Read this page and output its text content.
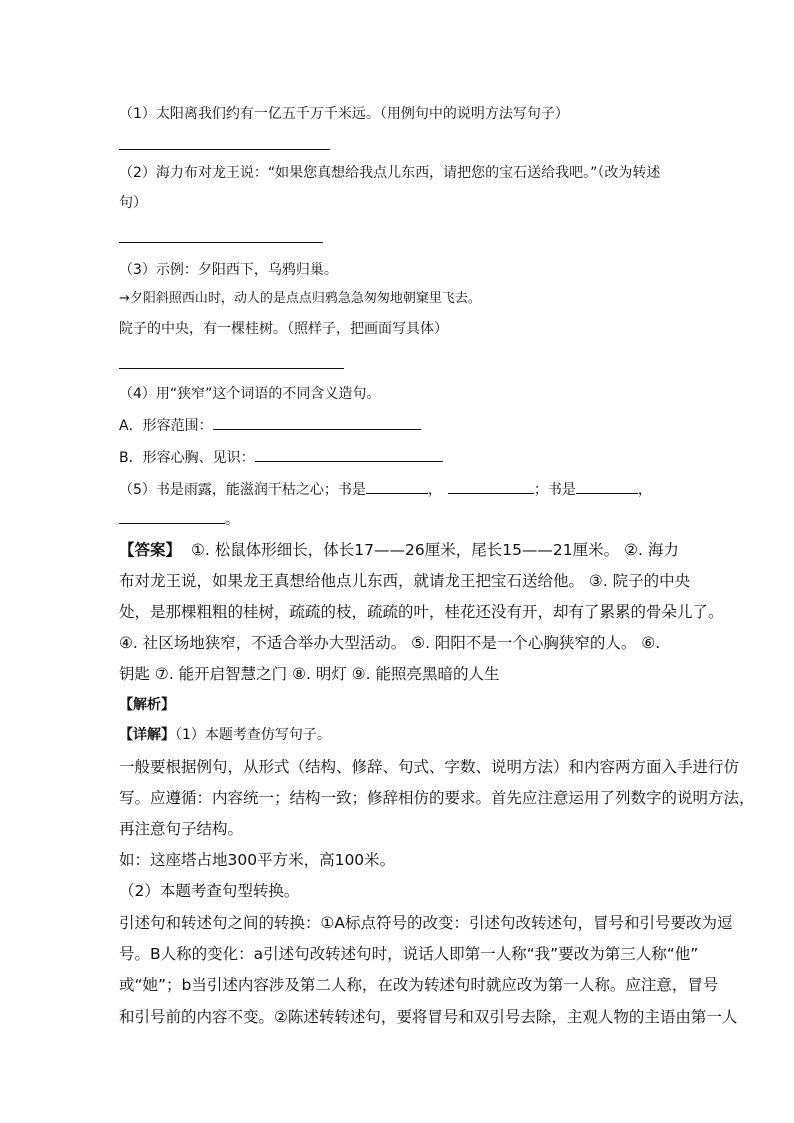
（1）太阳离我们约有一亿五千万千米远。（用例句中的说明方法写句子）
（2）海力布对龙王说：“如果您真想给我点儿东西，请把您的宝石送给我吧。”（改为转述
句）
（3）示例：夕阳西下，乌鸦归巢。
→夕阳斜照西山时，动人的是点点归鸦急急匆匆地朝窠里飞去。
院子的中央，有一棵桂树。（照样子，把画面写具体）
（4）用“狭窄”这个词语的不同含义造句。
A．形容范围：
B．形容心胸、见识：
（5）书是雨露，能滋润干枯之心；书是	，	；书是	，
。
【答案】 ①. 松鼠体形细长，体长17——26厘米，尾长15——21厘米。 ②. 海力
布对龙王说，如果龙王真想给他点儿东西，就请龙王把宝石送给他。 ③. 院子的中央
处，是那棵粗粗的桂树，疏疏的枝，疏疏的叶，桂花还没有开，却有了累累的骨朵儿了。
④. 社区场地狭窄，不适合举办大型活动。 ⑤. 阳阳不是一个心胸狭窄的人。 ⑥.
钥匙 ⑦. 能开启智慧之门 ⑧. 明灯 ⑨. 能照亮黑暗的人生
【解析】
【详解】（1）本题考查仿写句子。
一般要根据例句，从形式（结构、修辞、句式、字数、说明方法）和内容两方面入手进行仿
写。应遵循：内容统一；结构一致；修辞相仿的要求。首先应注意运用了列数字的说明方法，
再注意句子结构。
如：这座塔占地300平方米，高100米。
（2）本题考查句型转换。
引述句和转述句之间的转换：①A标点符号的改变：引述句改转述句，冒号和引号要改为逗
号。B人称的变化：a引述句改转述句时，说话人即第一人称“我”要改为第三人称“他”
或“她”；b当引述内容涉及第二人称，在改为转述句时就应改为第一人称。应注意，冒号
和引号前的内容不变。②陈述转转述句，要将冒号和双引号去除，主观人物的主语由第一人
